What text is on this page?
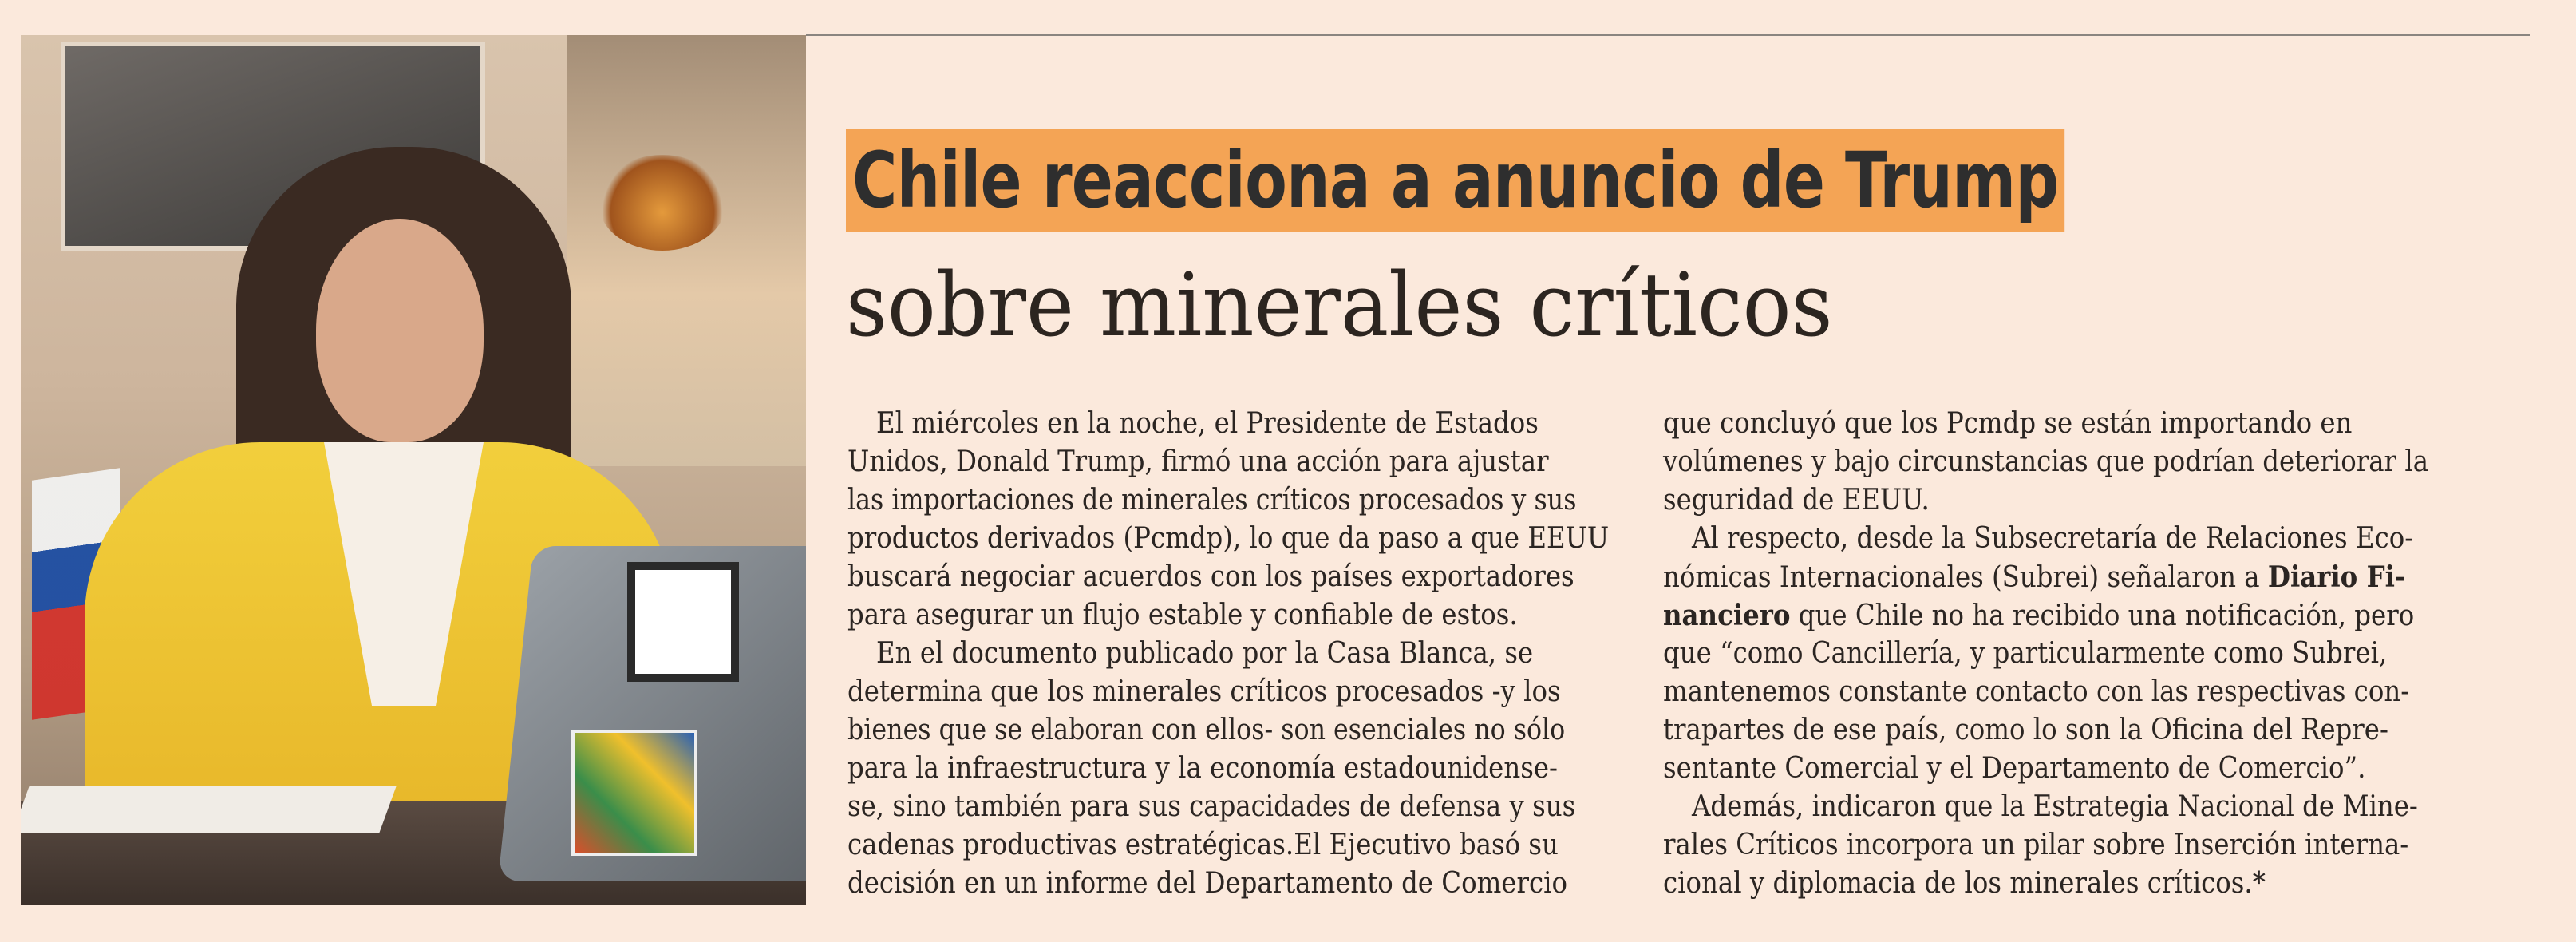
Chile reacciona a anuncio de Trump
sobre minerales críticos
El miércoles en la noche, el Presidente de Estados
Unidos, Donald Trump, firmó una acción para ajustar
las importaciones de minerales críticos procesados y sus
productos derivados (Pcmdp), lo que da paso a que EEUU
buscará negociar acuerdos con los países exportadores
para asegurar un flujo estable y confiable de estos.
En el documento publicado por la Casa Blanca, se
determina que los minerales críticos procesados -y los
bienes que se elaboran con ellos- son esenciales no sólo
para la infraestructura y la economía estadounidense-
se, sino también para sus capacidades de defensa y sus
cadenas productivas estratégicas.El Ejecutivo basó su
decisión en un informe del Departamento de Comercio
que concluyó que los Pcmdp se están importando en
volúmenes y bajo circunstancias que podrían deteriorar la
seguridad de EEUU.
Al respecto, desde la Subsecretaría de Relaciones Eco-
nómicas Internacionales (Subrei) señalaron a Diario Fi-
nanciero que Chile no ha recibido una notificación, pero
que “como Cancillería, y particularmente como Subrei,
mantenemos constante contacto con las respectivas con-
trapartes de ese país, como lo son la Oficina del Repre-
sentante Comercial y el Departamento de Comercio”.
Además, indicaron que la Estrategia Nacional de Mine-
rales Críticos incorpora un pilar sobre Inserción interna-
cional y diplomacia de los minerales críticos.*
